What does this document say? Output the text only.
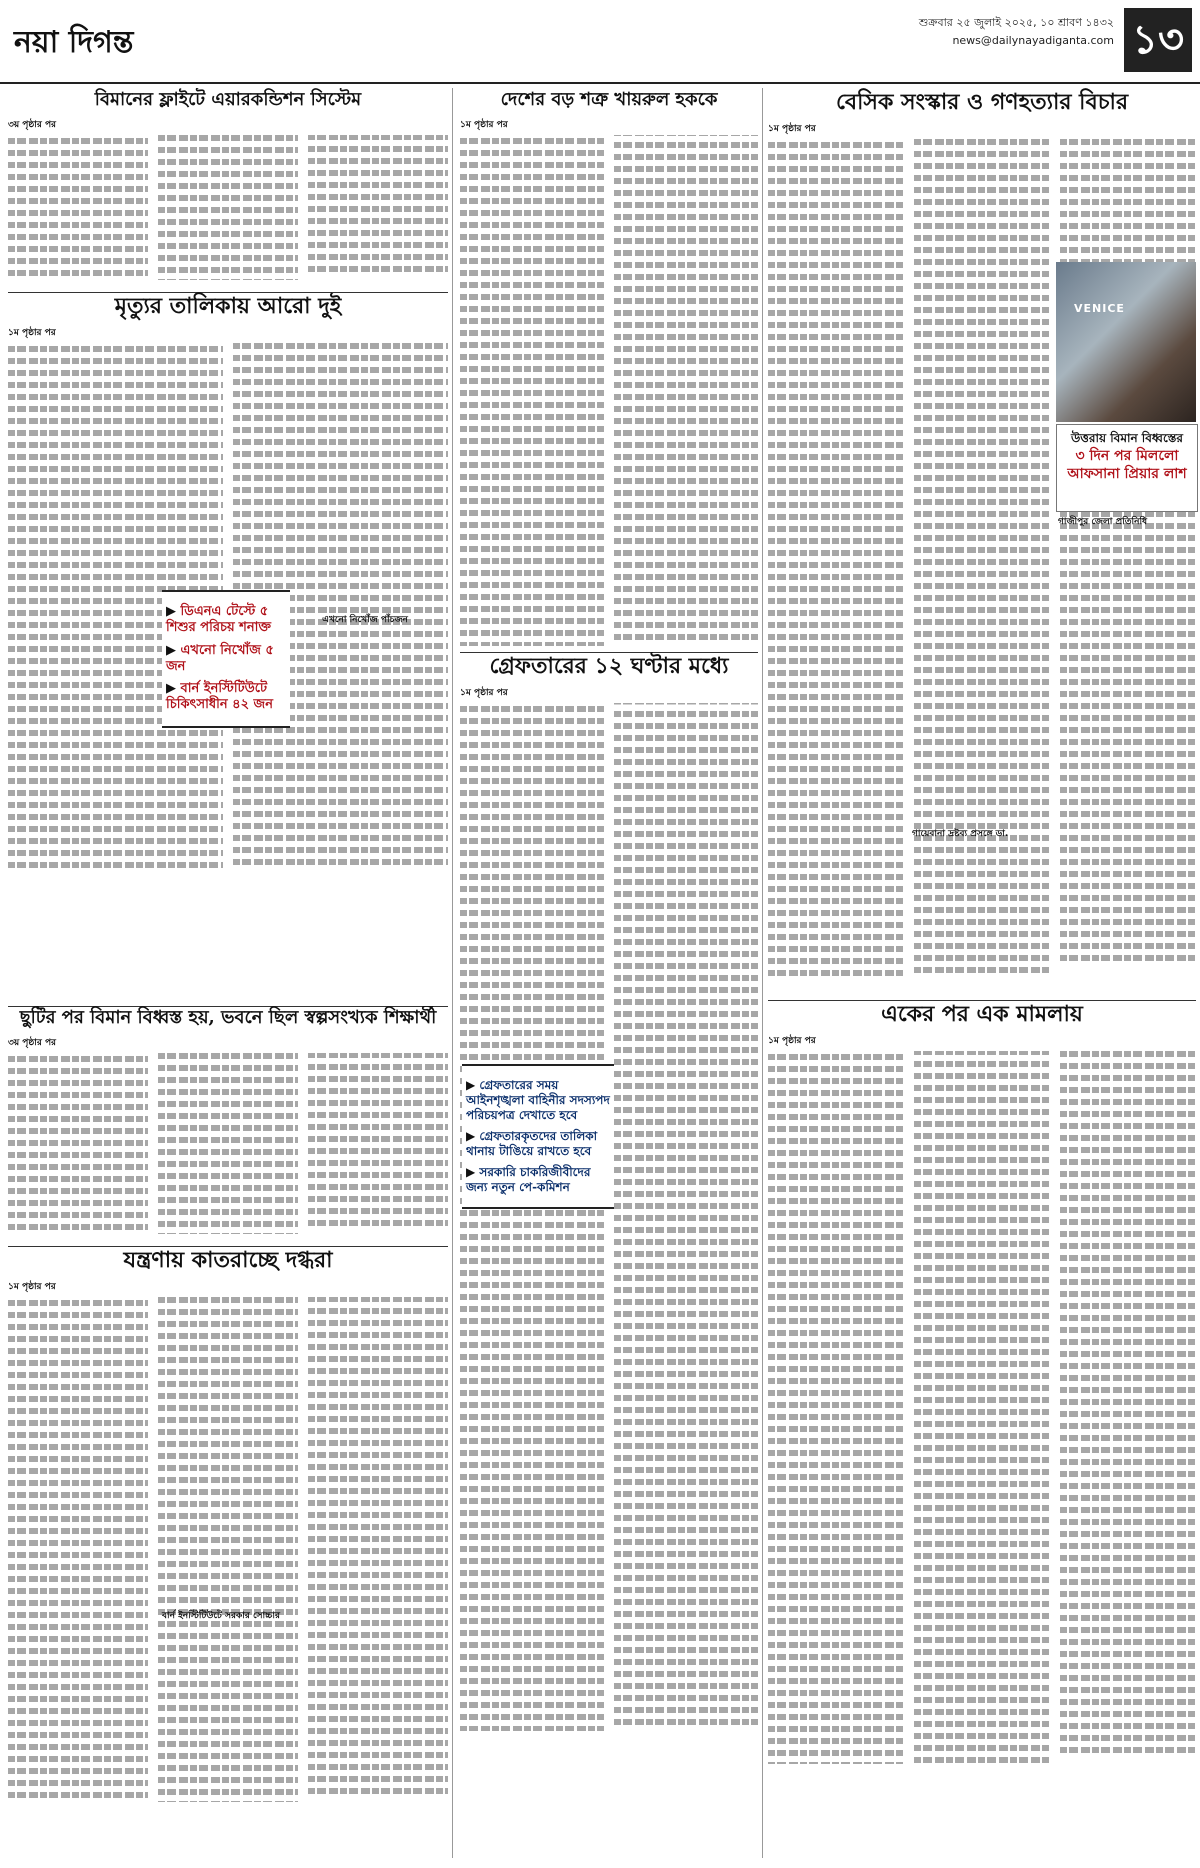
নয়া দিগন্ত
শুক্রবার ২৫ জুলাই ২০২৫, ১০ শ্রাবণ ১৪৩২
news@dailynayadiganta.com ১৩
বিমানের ফ্লাইটে এয়ারকন্ডিশন সিস্টেম
৩য় পৃষ্ঠার পর
মৃত্যুর তালিকায় আরো দুই
১ম পৃষ্ঠার পর
▶ ডিএনএ টেস্টে ৫ শিশুর পরিচয় শনাক্ত
▶ এখনো নিখোঁজ ৫ জন
▶ বার্ন ইনস্টিটিউটে চিকিৎসাধীন ৪২ জন
এখনো নিখোঁজ পাঁচজন
ছুটির পর বিমান বিধ্বস্ত হয়, ভবনে ছিল স্বল্পসংখ্যক শিক্ষার্থী
৩য় পৃষ্ঠার পর
যন্ত্রণায় কাতরাচ্ছে দগ্ধরা
১ম পৃষ্ঠার পর
বার্ন ইনস্টিটিউটে সরকার সোচ্চার
দেশের বড় শত্রু খায়রুল হককে
১ম পৃষ্ঠার পর
গ্রেফতারের ১২ ঘণ্টার মধ্যে
১ম পৃষ্ঠার পর
▶ গ্রেফতারের সময় আইনশৃঙ্খলা বাহিনীর সদস্যপদ পরিচয়পত্র দেখাতে হবে
▶ গ্রেফতারকৃতদের তালিকা থানায় টাঙিয়ে রাখতে হবে
▶ সরকারি চাকরিজীবীদের জন্য নতুন পে-কমিশন
বেসিক সংস্কার ও গণহত্যার বিচার
১ম পৃষ্ঠার পর
গায়েবানা দ্রষ্টব্য প্রসঙ্গে ডা.
VENICE
উত্তরায় বিমান বিধ্বস্তের
৩ দিন পর মিললো
আফসানা প্রিয়ার লাশ
গাজীপুর জেলা প্রতিনিধি
একের পর এক মামলায়
১ম পৃষ্ঠার পর
